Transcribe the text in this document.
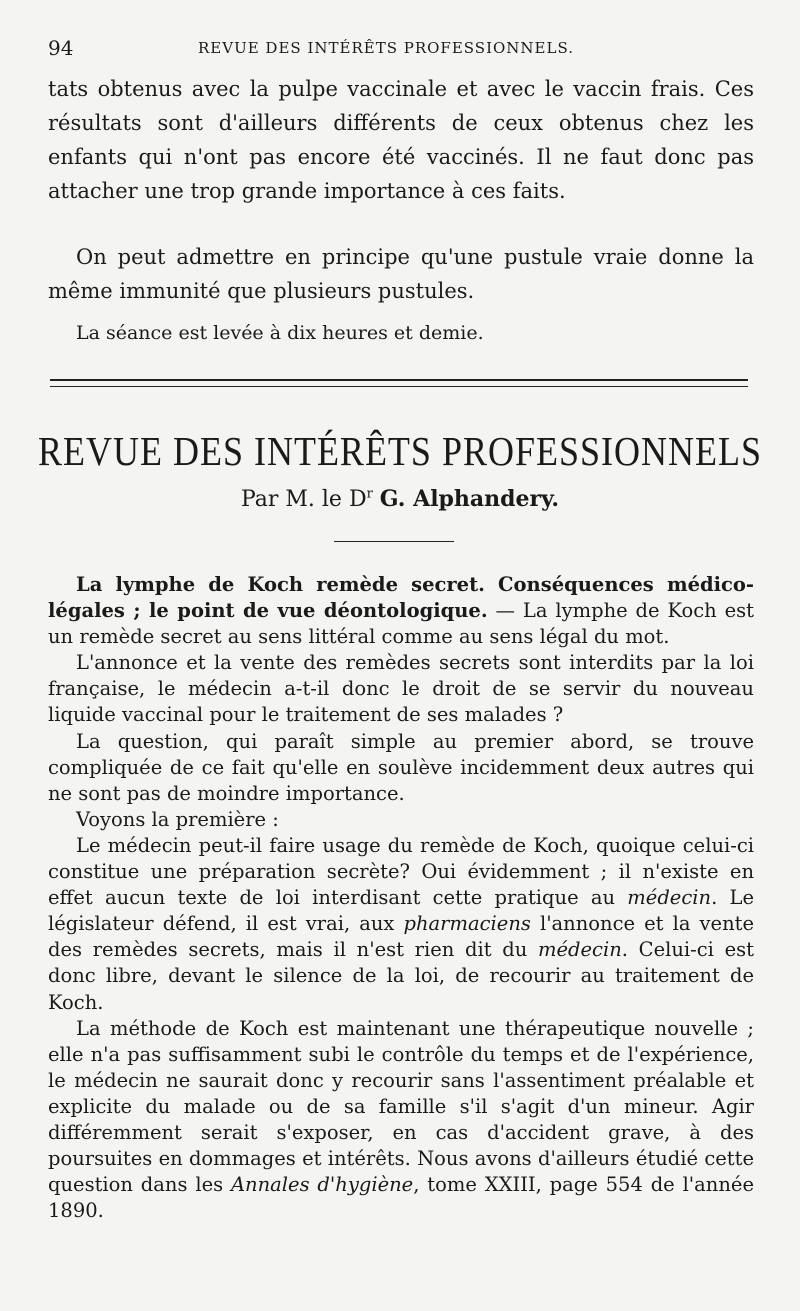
94	REVUE DES INTÉRÊTS PROFESSIONNELS.

tats obtenus avec la pulpe vaccinale et avec le vaccin frais. Ces résultats sont d'ailleurs différents de ceux obtenus chez les enfants qui n'ont pas encore été vaccinés. Il ne faut donc pas attacher une trop grande importance à ces faits.

On peut admettre en principe qu'une pustule vraie donne la même immunité que plusieurs pustules.

La séance est levée à dix heures et demie.

REVUE DES INTÉRÊTS PROFESSIONNELS
Par M. le $D^r$ G. Alphandery.

La lymphe de Koch remède secret. Conséquences médico-légales ; le point de vue déontologique. — La lymphe de Koch est un remède secret au sens littéral comme au sens légal du mot.

L'annonce et la vente des remèdes secrets sont interdits par la loi française, le médecin a-t-il donc le droit de se servir du nouveau liquide vaccinal pour le traitement de ses malades ?

La question, qui paraît simple au premier abord, se trouve compliquée de ce fait qu'elle en soulève incidemment deux autres qui ne sont pas de moindre importance.

Voyons la première :

Le médecin peut-il faire usage du remède de Koch, quoique celui-ci constitue une préparation secrète? Oui évidemment ; il n'existe en effet aucun texte de loi interdisant cette pratique au médecin. Le législateur défend, il est vrai, aux pharmaciens l'annonce et la vente des remèdes secrets, mais il n'est rien dit du médecin. Celui-ci est donc libre, devant le silence de la loi, de recourir au traitement de Koch.

La méthode de Koch est maintenant une thérapeutique nouvelle ; elle n'a pas suffisamment subi le contrôle du temps et de l'expérience, le médecin ne saurait donc y recourir sans l'assentiment préalable et explicite du malade ou de sa famille s'il s'agit d'un mineur. Agir différemment serait s'exposer, en cas d'accident grave, à des poursuites en dommages et intérêts. Nous avons d'ailleurs étudié cette question dans les Annales d'hygiène, tome XXIII, page 554 de l'année 1890.
